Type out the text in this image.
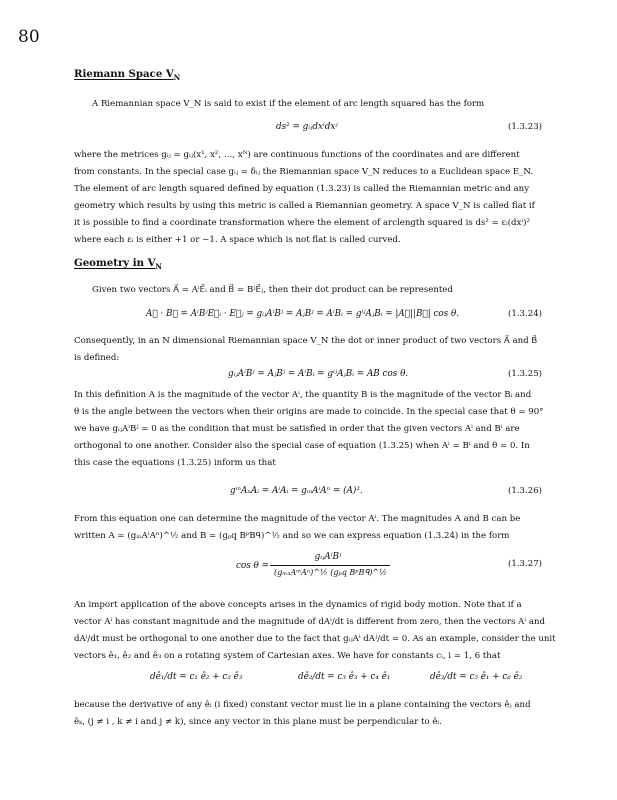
80
Riemann Space $V_N$
A Riemannian space V_N is said to exist if the element of arc length squared has the form
ds² = gᵢⱼdxⁱdxʲ	(1.3.23)
where the metrices gᵢⱼ = gᵢⱼ(x¹, x², …, xᴺ) are continuous functions of the coordinates and are different
from constants. In the special case gᵢⱼ = δᵢⱼ the Riemannian space V_N reduces to a Euclidean space E_N.
The element of arc length squared defined by equation (1.3.23) is called the Riemannian metric and any
geometry which results by using this metric is called a Riemannian geometry. A space V_N is called flat if
it is possible to find a coordinate transformation where the element of arclength squared is ds² = εᵢ(dxⁱ)²
where each εᵢ is either +1 or −1. A space which is not flat is called curved.
Geometry in $V_N$
Given two vectors A⃗ = AⁱE⃗ᵢ and B⃗ = BʲE⃗ⱼ, then their dot product can be represented
A⃗ · B⃗ = AⁱBʲE⃗ᵢ · E⃗ⱼ = gᵢⱼAⁱBʲ = AⱼBʲ = AⁱBᵢ = gⁱʲAⱼBᵢ = |A⃗||B⃗| cos θ.	(1.3.24)
Consequently, in an N dimensional Riemannian space V_N the dot or inner product of two vectors A⃗ and B⃗
is defined:
gᵢⱼAⁱBʲ = AⱼBʲ = AⁱBᵢ = gⁱʲAⱼBᵢ = AB cos θ.	(1.3.25)
In this definition A is the magnitude of the vector Aⁱ, the quantity B is the magnitude of the vector Bᵢ and
θ is the angle between the vectors when their origins are made to coincide. In the special case that θ = 90°
we have gᵢⱼAⁱBʲ = 0 as the condition that must be satisfied in order that the given vectors Aⁱ and Bⁱ are
orthogonal to one another. Consider also the special case of equation (1.3.25) when Aⁱ = Bⁱ and θ = 0. In
this case the equations (1.3.25) inform us that
gⁱⁿAₙAᵢ = AⁱAᵢ = gᵢₙAⁱAⁿ = (A)².	(1.3.26)
From this equation one can determine the magnitude of the vector Aⁱ. The magnitudes A and B can be
written A = (gᵢₙAⁱAⁿ)^½ and B = (gₚq BᵖBᑫ)^½ and so we can express equation (1.3.24) in the form
cos θ =
gᵢⱼAⁱBʲ
(gₘₙAᵐAⁿ)^½ (gₚq BᵖBᑫ)^½
(1.3.27)
An import application of the above concepts arises in the dynamics of rigid body motion. Note that if a
vector Aⁱ has constant magnitude and the magnitude of dAⁱ/dt is different from zero, then the vectors Aⁱ and
dAⁱ/dt must be orthogonal to one another due to the fact that gᵢⱼAⁱ dAʲ/dt = 0. As an example, consider the unit
vectors ê₁, ê₂ and ê₃ on a rotating system of Cartesian axes. We have for constants cᵢ, i = 1, 6 that
dê₁/dt = c₁ ê₂ + c₂ ê₃	dê₂/dt = c₃ ê₃ + c₄ ê₁	dê₃/dt = c₅ ê₁ + c₆ ê₂
because the derivative of any êᵢ (i fixed) constant vector must lie in a plane containing the vectors êⱼ and
êₖ, (j ≠ i , k ≠ i and j ≠ k), since any vector in this plane must be perpendicular to êᵢ.
